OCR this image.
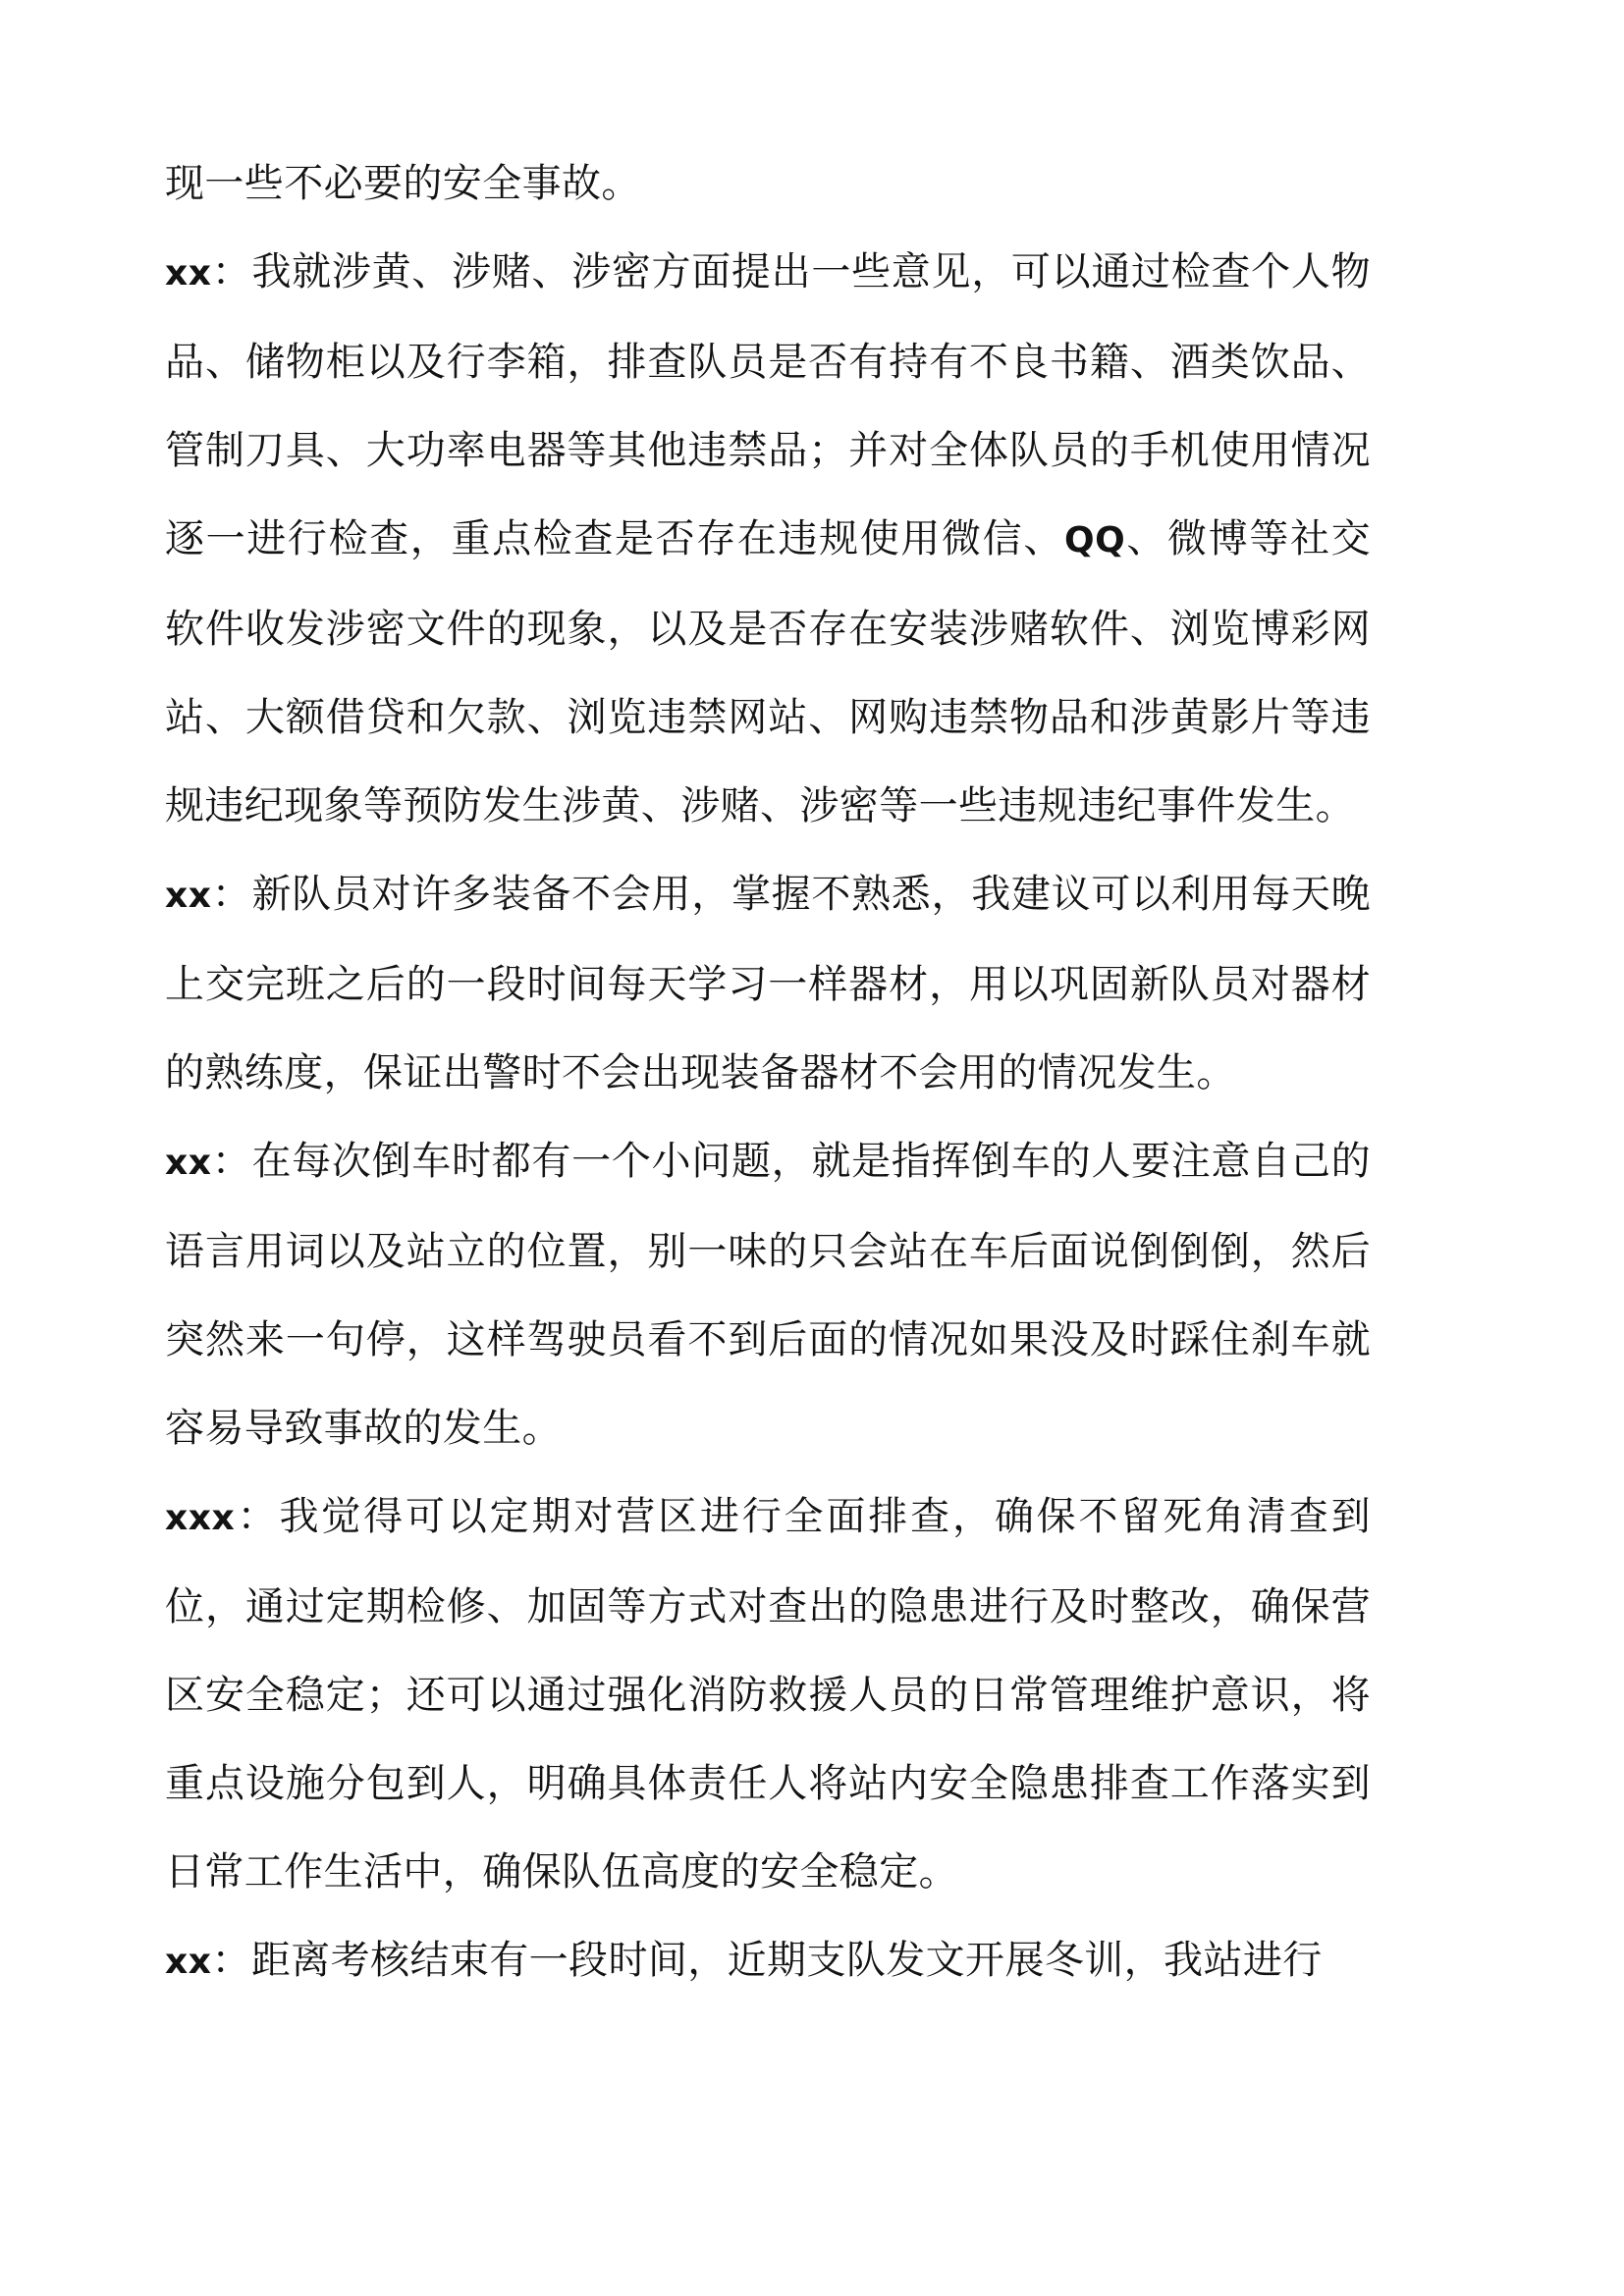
现一些不必要的安全事故。

xx：我就涉黄、涉赌、涉密方面提出一些意见，可以通过检查个人物品、储物柜以及行李箱，排查队员是否有持有不良书籍、酒类饮品、管制刀具、大功率电器等其他违禁品；并对全体队员的手机使用情况逐一进行检查，重点检查是否存在违规使用微信、QQ、微博等社交软件收发涉密文件的现象，以及是否存在安装涉赌软件、浏览博彩网站、大额借贷和欠款、浏览违禁网站、网购违禁物品和涉黄影片等违规违纪现象等预防发生涉黄、涉赌、涉密等一些违规违纪事件发生。

xx：新队员对许多装备不会用，掌握不熟悉，我建议可以利用每天晚上交完班之后的一段时间每天学习一样器材，用以巩固新队员对器材的熟练度，保证出警时不会出现装备器材不会用的情况发生。

xx：在每次倒车时都有一个小问题，就是指挥倒车的人要注意自己的语言用词以及站立的位置，别一味的只会站在车后面说倒倒倒，然后突然来一句停，这样驾驶员看不到后面的情况如果没及时踩住刹车就容易导致事故的发生。

xxx：我觉得可以定期对营区进行全面排查，确保不留死角清查到位，通过定期检修、加固等方式对查出的隐患进行及时整改，确保营区安全稳定；还可以通过强化消防救援人员的日常管理维护意识，将重点设施分包到人，明确具体责任人将站内安全隐患排查工作落实到日常工作生活中，确保队伍高度的安全稳定。

xx：距离考核结束有一段时间，近期支队发文开展冬训，我站进行
